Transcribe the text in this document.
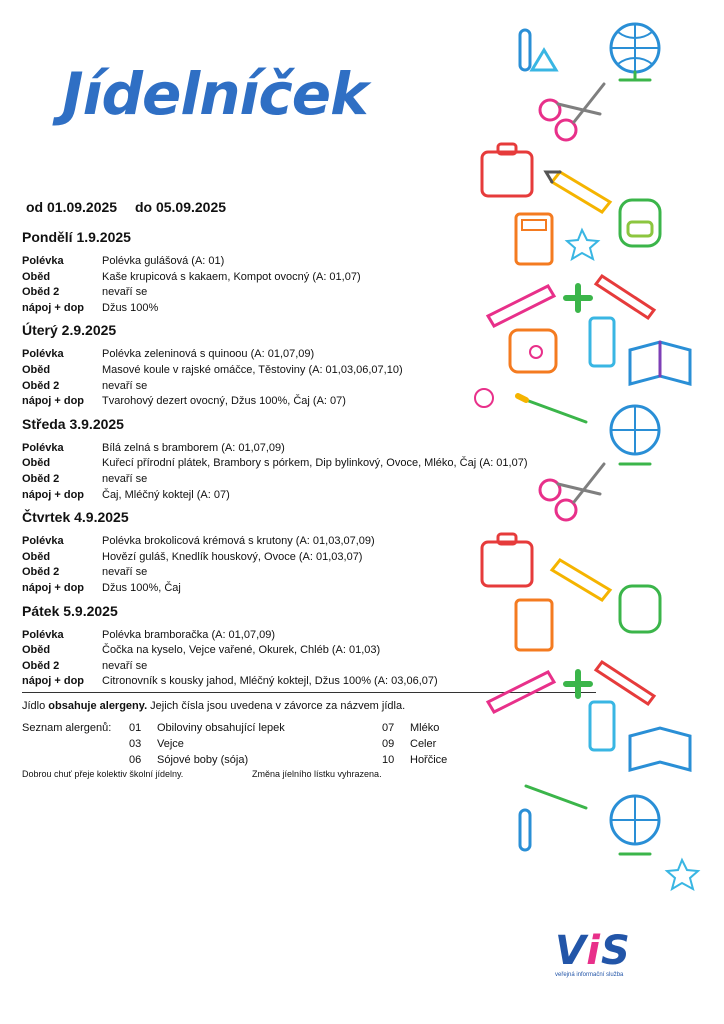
Jídelníček
od 01.09.2025 do 05.09.2025
Pondělí 1.9.2025
Polévka	Polévka gulášová (A: 01)
Oběd	Kaše krupicová s kakaem, Kompot ovocný (A: 01,07)
Oběd 2	nevaří se
nápoj + dop	Džus 100%
Úterý 2.9.2025
Polévka	Polévka zeleninová s quinoou (A: 01,07,09)
Oběd	Masové koule v rajské omáčce, Těstoviny (A: 01,03,06,07,10)
Oběd 2	nevaří se
nápoj + dop	Tvarohový dezert ovocný, Džus 100%, Čaj (A: 07)
Středa 3.9.2025
Polévka	Bílá zelná s bramborem (A: 01,07,09)
Oběd	Kuřecí přírodní plátek, Brambory s pórkem, Dip bylinkový, Ovoce, Mléko, Čaj (A: 01,07)
Oběd 2	nevaří se
nápoj + dop	Čaj, Mléčný koktejl (A: 07)
Čtvrtek 4.9.2025
Polévka	Polévka brokolicová krémová s krutony (A: 01,03,07,09)
Oběd	Hovězí guláš, Knedlík houskový, Ovoce (A: 01,03,07)
Oběd 2	nevaří se
nápoj + dop	Džus 100%, Čaj
Pátek 5.9.2025
Polévka	Polévka bramboračka (A: 01,07,09)
Oběd	Čočka na kyselo, Vejce vařené, Okurek, Chléb (A: 01,03)
Oběd 2	nevaří se
nápoj + dop	Citronovník s kousky jahod, Mléčný koktejl, Džus 100% (A: 03,06,07)
Jídlo obsahuje alergeny. Jejich čísla jsou uvedena v závorce za názvem jídla.
Seznam alergenů:	01	Obiloviny obsahující lepek
03	Vejce
06	Sójové boby (sója)
07	Mléko
09	Celer
10	Hořčice
Dobrou chuť přeje kolektiv školní jídelny.	Změna jíelního lístku vyhrazena.
ViS
veřejná informační služba
